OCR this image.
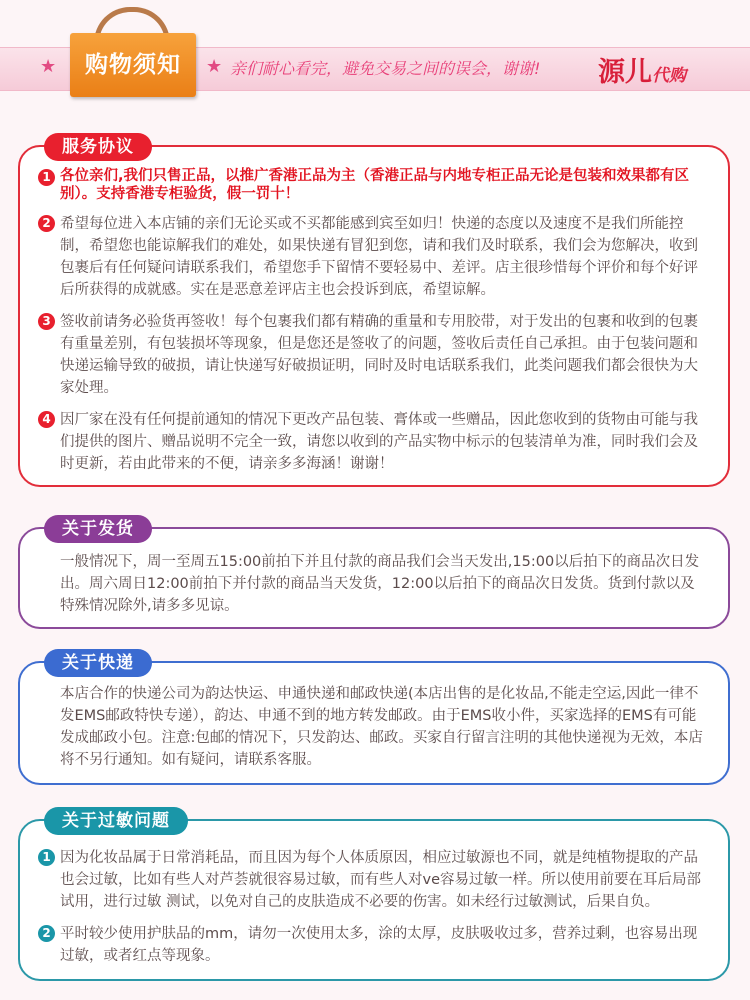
★	★
购物须知	亲们耐心看完，避免交易之间的误会，谢谢! 源儿代购
服务协议
1 各位亲们,我们只售正品，以推广香港正品为主（香港正品与内地专柜正品无论是包装和效果都有区别）。支持香港专柜验货，假一罚十！
2 希望每位进入本店铺的亲们无论买或不买都能感到宾至如归！快递的态度以及速度不是我们所能控制，希望您也能谅解我们的难处，如果快递有冒犯到您，请和我们及时联系，我们会为您解决，收到包裹后有任何疑问请联系我们，希望您手下留情不要轻易中、差评。店主很珍惜每个评价和每个好评后所获得的成就感。实在是恶意差评店主也会投诉到底，希望谅解。
3 签收前请务必验货再签收！每个包裹我们都有精确的重量和专用胶带，对于发出的包裹和收到的包裹有重量差别，有包装损坏等现象，但是您还是签收了的问题，签收后责任自己承担。由于包装问题和快递运输导致的破损，请让快递写好破损证明，同时及时电话联系我们，此类问题我们都会很快为大家处理。
4 因厂家在没有任何提前通知的情况下更改产品包装、膏体或一些赠品，因此您收到的货物由可能与我们提供的图片、赠品说明不完全一致，请您以收到的产品实物中标示的包装清单为准，同时我们会及时更新，若由此带来的不便，请亲多多海涵！谢谢！
关于发货
一般情况下，周一至周五15:00前拍下并且付款的商品我们会当天发出,15:00以后拍下的商品次日发出。周六周日12:00前拍下并付款的商品当天发货，12:00以后拍下的商品次日发货。货到付款以及特殊情况除外,请多多见谅。
关于快递
本店合作的快递公司为韵达快运、申通快递和邮政快递(本店出售的是化妆品,不能走空运,因此一律不发EMS邮政特快专递），韵达、申通不到的地方转发邮政。由于EMS收小件，买家选择的EMS有可能发成邮政小包。注意:包邮的情况下，只发韵达、邮政。买家自行留言注明的其他快递视为无效，本店将不另行通知。如有疑问，请联系客服。
关于过敏问题
1 因为化妆品属于日常消耗品，而且因为每个人体质原因，相应过敏源也不同，就是纯植物提取的产品也会过敏，比如有些人对芦荟就很容易过敏，而有些人对ve容易过敏一样。所以使用前要在耳后局部试用，进行过敏 测试，以免对自己的皮肤造成不必要的伤害。如未经行过敏测试，后果自负。
2 平时较少使用护肤品的mm，请勿一次使用太多，涂的太厚，皮肤吸收过多，营养过剩，也容易出现过敏，或者红点等现象。
